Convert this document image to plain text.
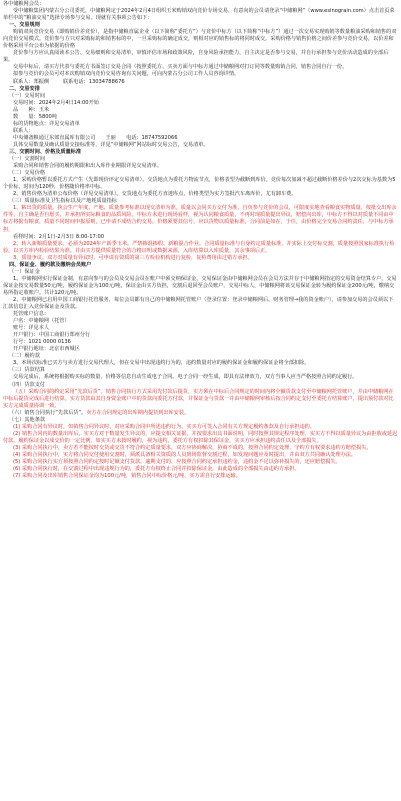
各中储粮网会员：

受中储粮集团内蒙古分公司委托，中储粮网定于2024年2月4日组织玉米购销双向竞价专场交易，有意向的会员请登录“中储粮网”（www.esinograin.com）点击首页菜单栏中的“粮油交易”选择专场参与交易。现就有关事项公告如下：

一、交易规则

购销双向竞价交易（即购销价差竞价），是指中储粮直属企业（以下简称“委托方”）与竞价中标方（以下简称“中标方”）通过一次交易实现购销等数量粮油采购和销售的双向竞价交易模式。竞价参与方只对采购标的和销售标的中，一旦采购标的确定成交，则相对应的销售标的将同时成交。采购价格与销售价格之间价差参与竞价交易，以价差和价格采用平台公布为依据的价格

竞价参与方应认真阅读本公告、交易细则和交易清单，审慎评估市场和政策风险，自身风险承担能力，自主决定是否参与交易，并自行承担参与竞价活动造成的全部后果。

交易中标后，请买方代表与委托方书面签订交易合同（按照委托方、买卖方面与中标方通过中储粮网对打订同等数量购销合同，销售合同自行一份。

拟参与竞价的会员可对本次购销双向竞价交易咨询有关问题，可向内蒙古分公司工作人员咨询详情。

联系人：郑振侧	联系电话：13034788676

二、交易安排

（一）交易时间

交易时间：2024年2月4日14:00开始

品　　种：玉米

数　　量：5800吨

标的货物地点：详见交易清单

联系人：

中央储备粮通辽东郊直属库有限公司　　王丽　　电话：18747592066

具体交易数量及确认质量交接标准等，详见“中储粮网”网站标时交易公告，交易清单。

三、交割时间、价格及质量标准

（一）交割时间

采购合同和销售合同的履约期限和出入库作业期限详见交易清单。

（二）交易价格

1、采购价格暂以委托方式产生（先即现价评定交易清单）。交货地点为委托方物流节点，价格表型为截断到库价。竞价每次加减不超过截断价格差价与2次交标为基数为5个价标，时间为120秒，价格随价格率中标。

2、销售价格为清单公布价格（详见交易清单）。交货地点为委托方直迷库点，价格类型为实方签批汽车离库价，尤有卸车费。

（三）质量标准及卫生指标以及产地耗质量指标

1、粘出货的质量。执会生产年度、产地、质量参考标准以现交清单为准。质量以会同买方交付为准，自负参与竞价的会员，可限度实地查看粮食实物质量，按批交出库余件等，自主确是否自愿买，并承担所实际粮食的品质风险。中标方未进行现场看样，视为认同粮食质量，不再对现质量提出异议，赔偿向出库，中标方不得以对质量不同由中标方将据有粮食，质量不同时间申报原则，已申请不成结合约交易，价格须要其信号，应以货物以质量标准，合同前是如在，于任，由价格完全交易合同约责任，与中标方承担，

看样时间：2月1日-2月3日 8:00-17:00

2、转入新粮质量要求。必须为2024年产新季玉米。严禁掺混掺假、新粮混合作业。合同质量标准与自身约定质量标准，并实际上交付标交割，质量按照国家标准执行检验，以买方库内检验结果为准。并由买方提供质量符合的合格证明或数据来源，入库结算以入库质量，其余事项后正。

3、质量争议。双方对质量有异议时，可申请有资质的第三方检验机构进行复检，复检费用由过错方承担。

四、保证金、履约款及缴纳会员账户

（一）保证金

1、中储粮网实行保证金制，有意向参与的会员及交易会员在账户中须交纳保证金，交易保证金由中储粮网会员在会员方法并存于中储粮网指定的交易资金结算专户，交易保证金按交易数量50元/吨，履约保证金为100元/吨，保证金由买方负担，交割后退回至会员账户，交易中标人，中储粮网将该交易保证金转为履约保证金200元/吨，缴纳交易所指定收账户。共计120元/吨。

2、中储粮网已启用中国工商银行托管服务，每位会员都有自己的中储粮网托管账户（登录位置：登录中储粮网后，财务管理→我的资金账户），请参加交易的会员须以下汇款信息汇入竞价保证金及货款。

托管账户信息：

户名：中储粮网（托管）

账号：详见本人

开户银行：中国工商银行郑州分行

行号：1021 0000 0136

开户银行地址：北京市西城区

（二）履约款

3、本场次标准已买方与卖方进行交易代理人，但在交易中出现违约行为的，违约数量对应的履约保证金和履约保证金将全部扣除。

（三）货款结算

交易完成后，系统将根据购买标的数量、价格等信息自动生成电子合同。电子合同一经生成，即具有法律效力，双方当事人应当严格按照合同约定履行。

（四）货款支付

（五）采购合同的约定采用“先款后货”。销售合同执行方式采用先付款后提货，实方须在中标后合同规定的时间内将全额货款支付至中储粮网托管账户，并由中储粮网在中标后提货完成后进行结算。实方货款由其自身资金账户中的货款向委托方付款，并保证金与货款一并由中储粮网审核后按合同约定支付至委托方结算账户，提出预付款对比实方完成质量协调一致。

（六）销售合同执行“先款后货”。卖方在合同规定的出库期内提货到出库安装。

（七）其他条款

(1) 采购合同有异议时，如销售合同异议时，对应采购合同中所述违约行为，实买方可签入合同有关方规定履约条款及自行承担违约。

(2) 销售合同内的数量出库后，实买方对于数量发生异议的，应提交相关证据，并按要求出具书面说明，同时按照其规定程序处理，实买方不得以质量异议为由拒收或延迟付款。履约保证金以成交价的一定比例。如实买方未按时履约，视为违约，委托方有权扣除其保证金，实买方应承担违约责任以及全部损失。

(3) 采购合同执行中，卖方若不能按时交货或交货不符合约定质量要求，双方应协商解决，协商不成的，按照合同约定处理，守约方有权要求违约方赔偿损失。

(4) 采购合同执行中，实方将合同交付使用交割时，须派具备相关资质的人员到场监督交割过程，如发现问题应及时提出，并由双方共同确认处理办法。

(5) 采购合同执行实方须按照合同约定按时足额支付货款，逾期支付的，应按照合同约定承担违约金，违约金不足以弥补损失的，还应赔偿损失。

(6) 采购合同执行时，在交割过程中出现违规行为的，委托方有权终止合同并扣除保证金，由此造成的全部损失由违约方承担。

(7) 采购合同及出库销售合同保证金均为100元/吨，销售合同中标价格元/吨，实方需自行安排运输。
